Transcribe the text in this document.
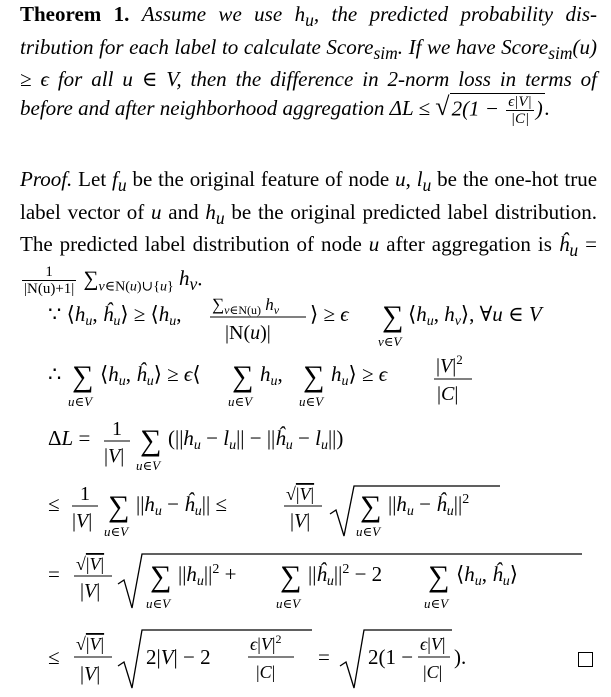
Theorem 1. Assume we use $h_u$, the predicted probability distribution for each label to calculate Score$_{sim}$. If we have Score$_{sim}$(u) ≥ ϵ for all u ∈ V, then the difference in 2-norm loss in terms of before and after neighborhood aggregation $\Delta L \le √2(1 - \frac{\epsilon|V|}{|C|}$ ).
Proof. Let $f_u$ be the original feature of node u, $l_u$ be the one-hot true label vector of u and $h_u$ be the original predicted label distribution. The predicted label distribution of node u after aggregation is $ĥ_u$ =
$\frac{1}{|N(u)+1|} \sum_{v\in N(u)\cup\{u\}}$ $h_v$.
∵ ⟨hu, ĥu⟩ ≥ ⟨hu, $\sum_v\in N(u)$ $h_v$
|N(u)|
⟩ ≥ ϵ ∑
v∈V
⟨hu, hv⟩, ∀u ∈ V
∴ ∑
u∈V
⟨hu, ĥu⟩ ≥ ϵ⟨ ∑
u∈V
hu, ∑
u∈V
hu⟩ ≥ ϵ $|V|^2$
|C|
ΔL = 1
|V| ∑
u∈V
(||hu − lu|| − ||ĥu − lu||)
≤ 1
|V| ∑
u∈V
||hu − ĥu|| ≤	√|V|
|V| ∑
u∈V
$||hu - ĥu||^2$
= √|V|
|V| ∑
u∈V
$||hu||^2$ + ∑
u∈V
$||ĥu||^2 - 2$ ∑
u∈V
⟨hu, ĥu⟩
≤
√|V|
|V|
2|V| − 2
$\epsilon|V|^2$
|C|
= 2(1 −
ϵ|V|
|C|
).
